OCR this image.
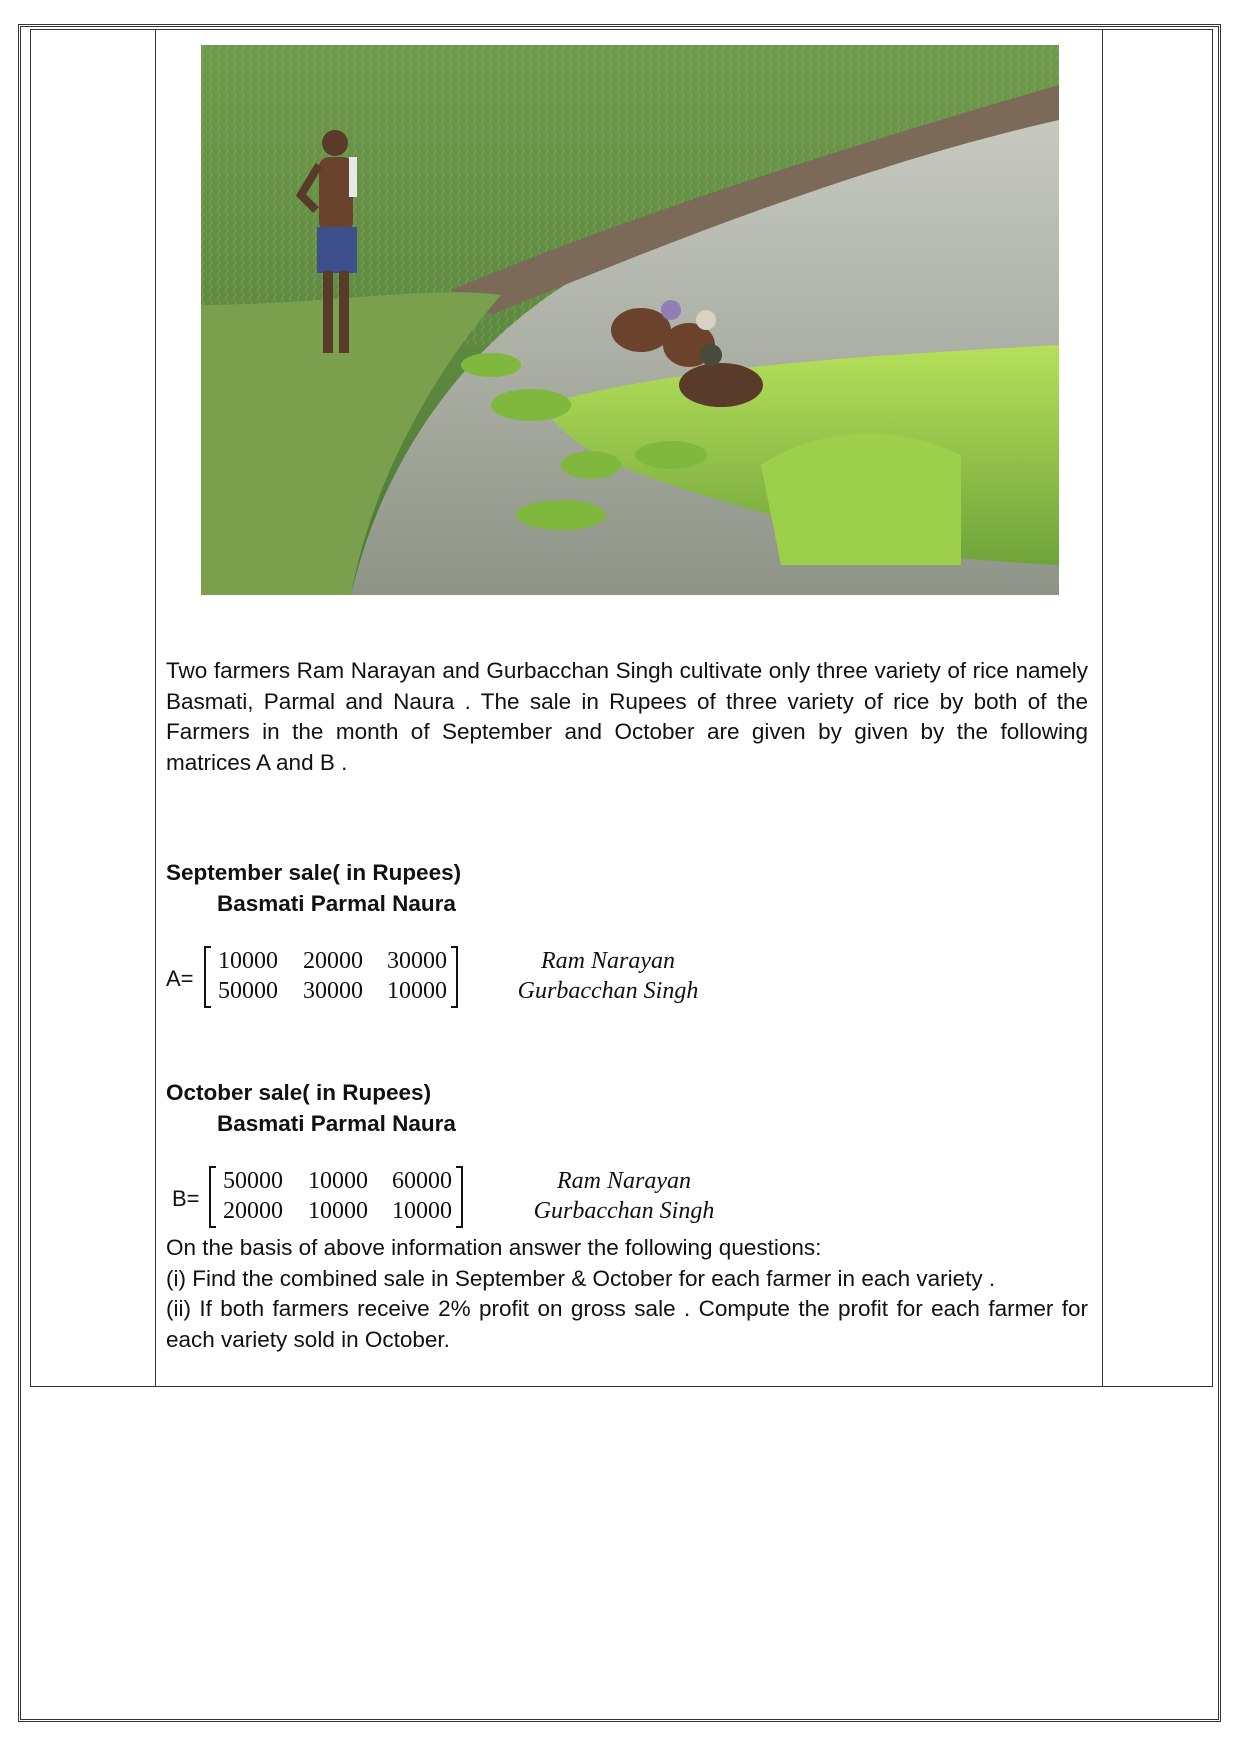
Two farmers Ram Narayan and Gurbacchan Singh cultivate only three variety of rice namely Basmati, Parmal and Naura . The sale in Rupees of three variety of rice by both of the Farmers in the month of September and October are given by given by the following matrices A and B .

September sale( in Rupees)
Basmati Parmal Naura
A=
10000	20000	30000
50000	30000	10000
Ram Narayan
Gurbacchan Singh
October sale( in Rupees)
Basmati Parmal Naura
B=
50000	10000	60000
20000	10000	10000
Ram Narayan
Gurbacchan Singh

On the basis of above information answer the following questions:

(i) Find the combined sale in September & October for each farmer in each variety .

(ii) If both farmers receive 2% profit on gross sale . Compute the profit for each farmer for each variety sold in October.
